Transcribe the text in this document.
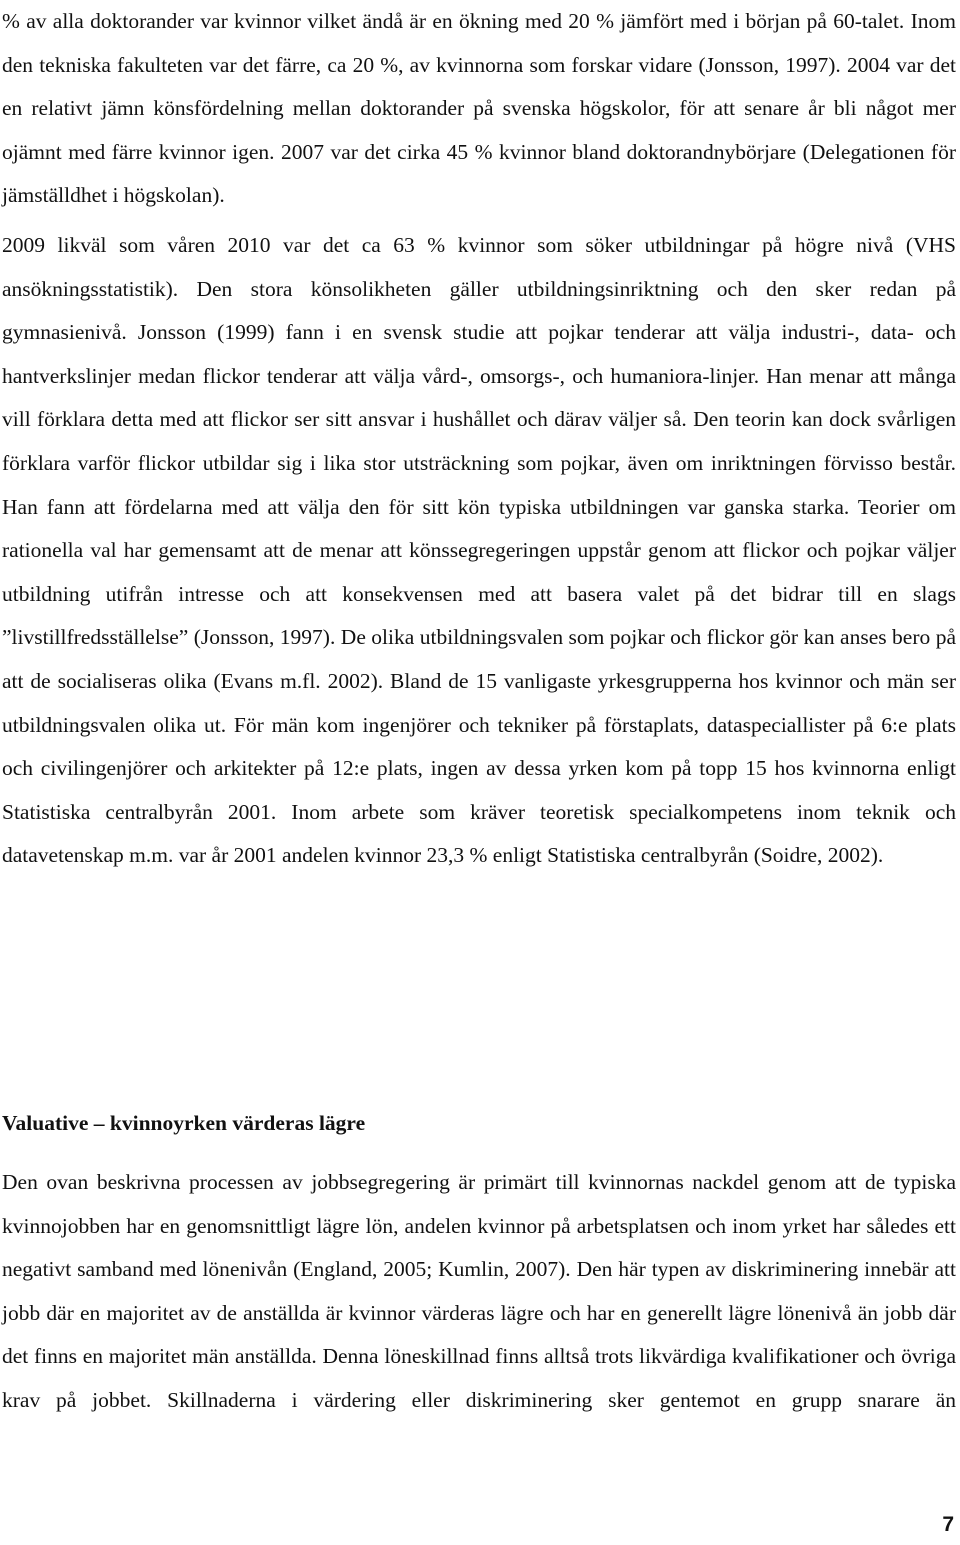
% av alla doktorander var kvinnor vilket ändå är en ökning med 20 % jämfört med i början på 60-talet. Inom den tekniska fakulteten var det färre, ca 20 %, av kvinnorna som forskar vidare (Jonsson, 1997). 2004 var det en relativt jämn könsfördelning mellan doktorander på svenska högskolor, för att senare år bli något mer ojämnt med färre kvinnor igen. 2007 var det cirka 45 % kvinnor bland doktorandnybörjare (Delegationen för jämställdhet i högskolan).

2009 likväl som våren 2010 var det ca 63 % kvinnor som söker utbildningar på högre nivå (VHS ansökningsstatistik). Den stora könsolikheten gäller utbildningsinriktning och den sker redan på gymnasienivå. Jonsson (1999) fann i en svensk studie att pojkar tenderar att välja industri-, data- och hantverkslinjer medan flickor tenderar att välja vård-, omsorgs-, och humaniora-linjer. Han menar att många vill förklara detta med att flickor ser sitt ansvar i hushållet och därav väljer så. Den teorin kan dock svårligen förklara varför flickor utbildar sig i lika stor utsträckning som pojkar, även om inriktningen förvisso består. Han fann att fördelarna med att välja den för sitt kön typiska utbildningen var ganska starka. Teorier om rationella val har gemensamt att de menar att könssegregeringen uppstår genom att flickor och pojkar väljer utbildning utifrån intresse och att konsekvensen med att basera valet på det bidrar till en slags ”livstillfredsställelse” (Jonsson, 1997). De olika utbildningsvalen som pojkar och flickor gör kan anses bero på att de socialiseras olika (Evans m.fl. 2002). Bland de 15 vanligaste yrkesgrupperna hos kvinnor och män ser utbildningsvalen olika ut. För män kom ingenjörer och tekniker på förstaplats, dataspeciallister på 6:e plats och civilingenjörer och arkitekter på 12:e plats, ingen av dessa yrken kom på topp 15 hos kvinnorna enligt Statistiska centralbyrån 2001. Inom arbete som kräver teoretisk specialkompetens inom teknik och datavetenskap m.m. var år 2001 andelen kvinnor 23,3 % enligt Statistiska centralbyrån (Soidre, 2002).

Valuative – kvinnoyrken värderas lägre

Den ovan beskrivna processen av jobbsegregering är primärt till kvinnornas nackdel genom att de typiska kvinnojobben har en genomsnittligt lägre lön, andelen kvinnor på arbetsplatsen och inom yrket har således ett negativt samband med lönenivån (England, 2005; Kumlin, 2007). Den här typen av diskriminering innebär att jobb där en majoritet av de anställda är kvinnor värderas lägre och har en generellt lägre lönenivå än jobb där det finns en majoritet män anställda. Denna löneskillnad finns alltså trots likvärdiga kvalifikationer och övriga krav på jobbet. Skillnaderna i värdering eller diskriminering sker gentemot en grupp snarare än

7
